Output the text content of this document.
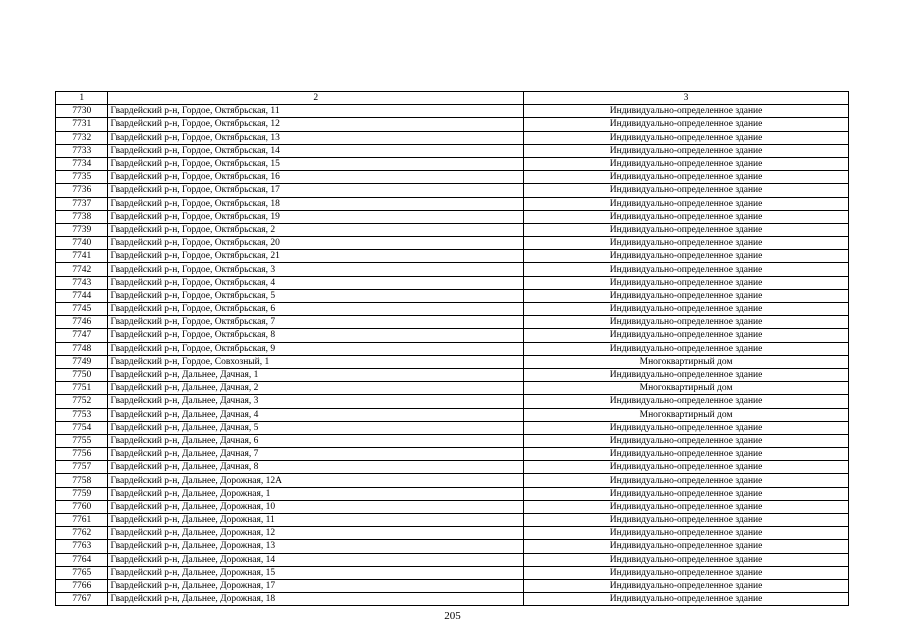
1	2	3
7730	Гвардейский р-н, Гордое, Октябрьская, 11	Индивидуально-определенное здание
7731	Гвардейский р-н, Гордое, Октябрьская, 12	Индивидуально-определенное здание
7732	Гвардейский р-н, Гордое, Октябрьская, 13	Индивидуально-определенное здание
7733	Гвардейский р-н, Гордое, Октябрьская, 14	Индивидуально-определенное здание
7734	Гвардейский р-н, Гордое, Октябрьская, 15	Индивидуально-определенное здание
7735	Гвардейский р-н, Гордое, Октябрьская, 16	Индивидуально-определенное здание
7736	Гвардейский р-н, Гордое, Октябрьская, 17	Индивидуально-определенное здание
7737	Гвардейский р-н, Гордое, Октябрьская, 18	Индивидуально-определенное здание
7738	Гвардейский р-н, Гордое, Октябрьская, 19	Индивидуально-определенное здание
7739	Гвардейский р-н, Гордое, Октябрьская, 2	Индивидуально-определенное здание
7740	Гвардейский р-н, Гордое, Октябрьская, 20	Индивидуально-определенное здание
7741	Гвардейский р-н, Гордое, Октябрьская, 21	Индивидуально-определенное здание
7742	Гвардейский р-н, Гордое, Октябрьская, 3	Индивидуально-определенное здание
7743	Гвардейский р-н, Гордое, Октябрьская, 4	Индивидуально-определенное здание
7744	Гвардейский р-н, Гордое, Октябрьская, 5	Индивидуально-определенное здание
7745	Гвардейский р-н, Гордое, Октябрьская, 6	Индивидуально-определенное здание
7746	Гвардейский р-н, Гордое, Октябрьская, 7	Индивидуально-определенное здание
7747	Гвардейский р-н, Гордое, Октябрьская, 8	Индивидуально-определенное здание
7748	Гвардейский р-н, Гордое, Октябрьская, 9	Индивидуально-определенное здание
7749	Гвардейский р-н, Гордое, Совхозный, 1	Многоквартирный дом
7750	Гвардейский р-н, Дальнее, Дачная, 1	Индивидуально-определенное здание
7751	Гвардейский р-н, Дальнее, Дачная, 2	Многоквартирный дом
7752	Гвардейский р-н, Дальнее, Дачная, 3	Индивидуально-определенное здание
7753	Гвардейский р-н, Дальнее, Дачная, 4	Многоквартирный дом
7754	Гвардейский р-н, Дальнее, Дачная, 5	Индивидуально-определенное здание
7755	Гвардейский р-н, Дальнее, Дачная, 6	Индивидуально-определенное здание
7756	Гвардейский р-н, Дальнее, Дачная, 7	Индивидуально-определенное здание
7757	Гвардейский р-н, Дальнее, Дачная, 8	Индивидуально-определенное здание
7758	Гвардейский р-н, Дальнее, Дорожная, 12А	Индивидуально-определенное здание
7759	Гвардейский р-н, Дальнее, Дорожная, 1	Индивидуально-определенное здание
7760	Гвардейский р-н, Дальнее, Дорожная, 10	Индивидуально-определенное здание
7761	Гвардейский р-н, Дальнее, Дорожная, 11	Индивидуально-определенное здание
7762	Гвардейский р-н, Дальнее, Дорожная, 12	Индивидуально-определенное здание
7763	Гвардейский р-н, Дальнее, Дорожная, 13	Индивидуально-определенное здание
7764	Гвардейский р-н, Дальнее, Дорожная, 14	Индивидуально-определенное здание
7765	Гвардейский р-н, Дальнее, Дорожная, 15	Индивидуально-определенное здание
7766	Гвардейский р-н, Дальнее, Дорожная, 17	Индивидуально-определенное здание
7767	Гвардейский р-н, Дальнее, Дорожная, 18	Индивидуально-определенное здание
205
